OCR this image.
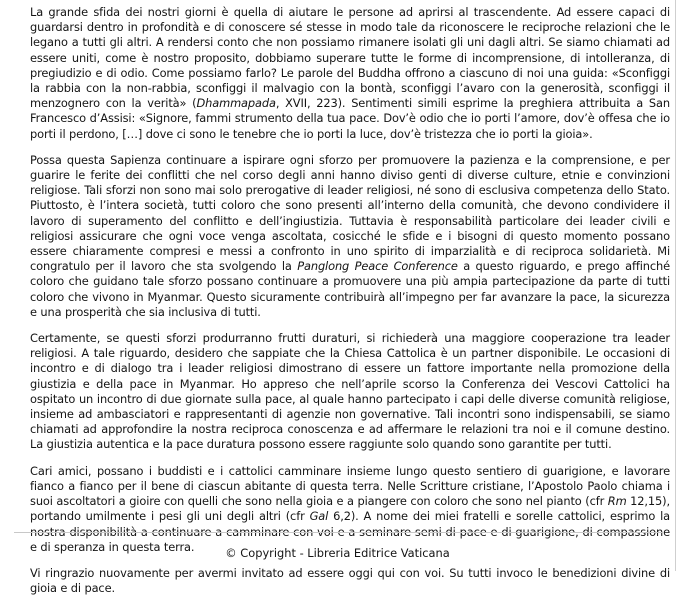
La grande sfida dei nostri giorni è quella di aiutare le persone ad aprirsi al trascendente. Ad essere capaci di guardarsi dentro in profondità e di conoscere sé stesse in modo tale da riconoscere le reciproche relazioni che le legano a tutti gli altri. A rendersi conto che non possiamo rimanere isolati gli uni dagli altri. Se siamo chiamati ad essere uniti, come è nostro proposito, dobbiamo superare tutte le forme di incomprensione, di intolleranza, di pregiudizio e di odio. Come possiamo farlo? Le parole del Buddha offrono a ciascuno di noi una guida: «Sconfiggi la rabbia con la non-rabbia, sconfiggi il malvagio con la bontà, sconfiggi l’avaro con la generosità, sconfiggi il menzognero con la verità» (Dhammapada, XVII, 223). Sentimenti simili esprime la preghiera attribuita a San Francesco d’Assisi: «Signore, fammi strumento della tua pace. Dov’è odio che io porti l’amore, dov’è offesa che io porti il perdono, […] dove ci sono le tenebre che io porti la luce, dov’è tristezza che io porti la gioia».

Possa questa Sapienza continuare a ispirare ogni sforzo per promuovere la pazienza e la comprensione, e per guarire le ferite dei conflitti che nel corso degli anni hanno diviso genti di diverse culture, etnie e convinzioni religiose. Tali sforzi non sono mai solo prerogative di leader religiosi, né sono di esclusiva competenza dello Stato. Piuttosto, è l’intera società, tutti coloro che sono presenti all’interno della comunità, che devono condividere il lavoro di superamento del conflitto e dell’ingiustizia. Tuttavia è responsabilità particolare dei leader civili e religiosi assicurare che ogni voce venga ascoltata, cosicché le sfide e i bisogni di questo momento possano essere chiaramente compresi e messi a confronto in uno spirito di imparzialità e di reciproca solidarietà. Mi congratulo per il lavoro che sta svolgendo la Panglong Peace Conference a questo riguardo, e prego affinché coloro che guidano tale sforzo possano continuare a promuovere una più ampia partecipazione da parte di tutti coloro che vivono in Myanmar. Questo sicuramente contribuirà all’impegno per far avanzare la pace, la sicurezza e una prosperità che sia inclusiva di tutti.

Certamente, se questi sforzi produrranno frutti duraturi, si richiederà una maggiore cooperazione tra leader religiosi. A tale riguardo, desidero che sappiate che la Chiesa Cattolica è un partner disponibile. Le occasioni di incontro e di dialogo tra i leader religiosi dimostrano di essere un fattore importante nella promozione della giustizia e della pace in Myanmar. Ho appreso che nell’aprile scorso la Conferenza dei Vescovi Cattolici ha ospitato un incontro di due giornate sulla pace, al quale hanno partecipato i capi delle diverse comunità religiose, insieme ad ambasciatori e rappresentanti di agenzie non governative. Tali incontri sono indispensabili, se siamo chiamati ad approfondire la nostra reciproca conoscenza e ad affermare le relazioni tra noi e il comune destino. La giustizia autentica e la pace duratura possono essere raggiunte solo quando sono garantite per tutti.

Cari amici, possano i buddisti e i cattolici camminare insieme lungo questo sentiero di guarigione, e lavorare fianco a fianco per il bene di ciascun abitante di questa terra. Nelle Scritture cristiane, l’Apostolo Paolo chiama i suoi ascoltatori a gioire con quelli che sono nella gioia e a piangere con coloro che sono nel pianto (cfr Rm 12,15), portando umilmente i pesi gli uni degli altri (cfr Gal 6,2). A nome dei miei fratelli e sorelle cattolici, esprimo la nostra disponibilità a continuare a camminare con voi e a seminare semi di pace e di guarigione, di compassione e di speranza in questa terra.

Vi ringrazio nuovamente per avermi invitato ad essere oggi qui con voi. Su tutti invoco le benedizioni divine di gioia e di pace.

© Copyright - Libreria Editrice Vaticana
